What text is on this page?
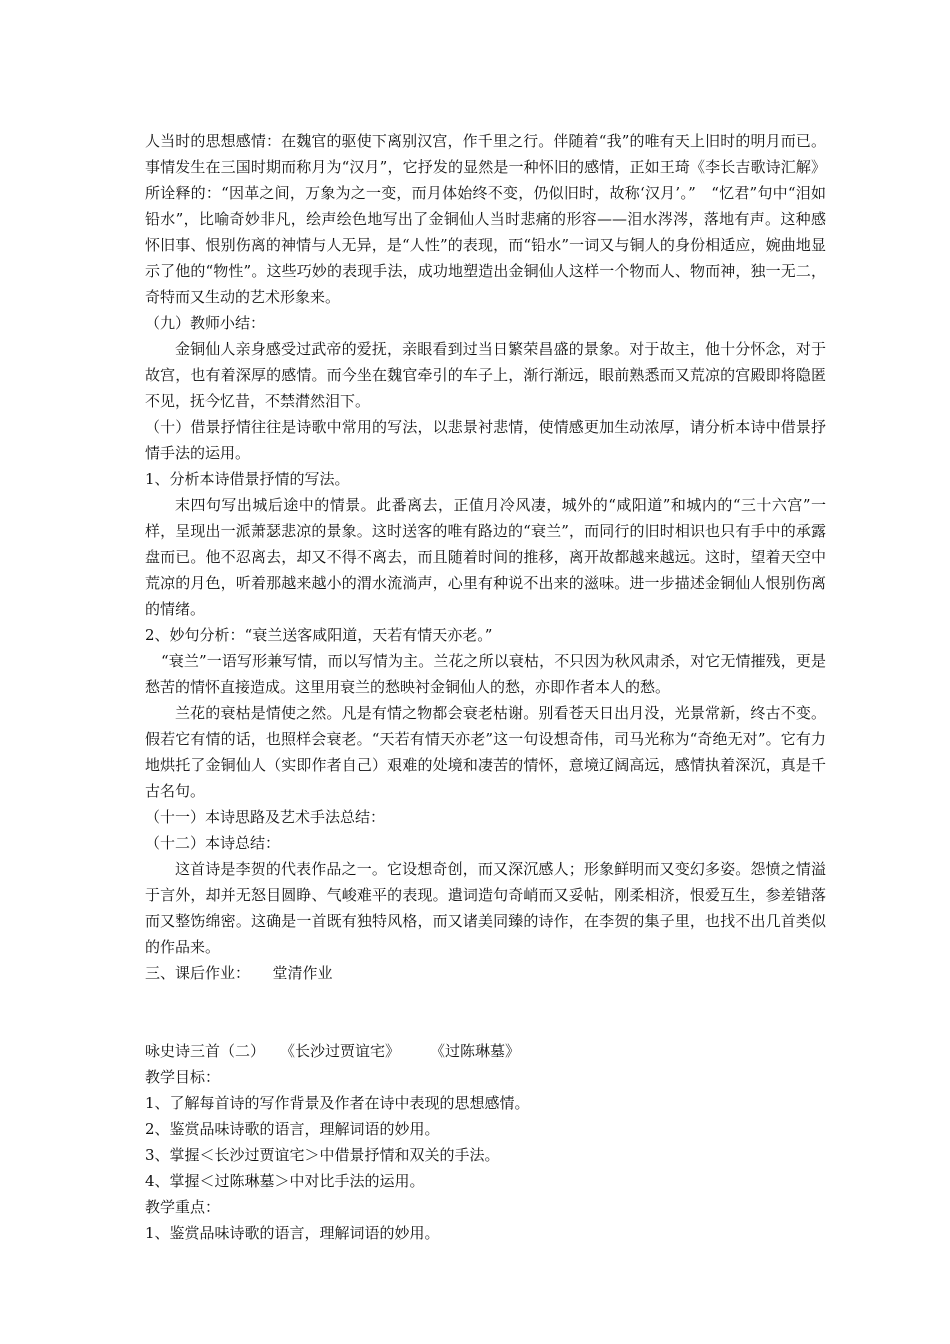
人当时的思想感情：在魏官的驱使下离别汉宫，作千里之行。伴随着“我”的唯有天上旧时的明月而已。事情发生在三国时期而称月为“汉月”，它抒发的显然是一种怀旧的感情，正如王琦《李长吉歌诗汇解》所诠释的：“因革之间，万象为之一变，而月体始终不变，仍似旧时，故称‘汉月’。”　“忆君”句中“泪如铅水”，比喻奇妙非凡，绘声绘色地写出了金铜仙人当时悲痛的形容——泪水涔涔，落地有声。这种感怀旧事、恨别伤离的神情与人无异，是“人性”的表现，而“铅水”一词又与铜人的身份相适应，婉曲地显示了他的“物性”。这些巧妙的表现手法，成功地塑造出金铜仙人这样一个物而人、物而神，独一无二，奇特而又生动的艺术形象来。

（九）教师小结：

金铜仙人亲身感受过武帝的爱抚，亲眼看到过当日繁荣昌盛的景象。对于故主，他十分怀念，对于故宫，也有着深厚的感情。而今坐在魏官牵引的车子上，渐行渐远，眼前熟悉而又荒凉的宫殿即将隐匿不见，抚今忆昔，不禁潸然泪下。

（十）借景抒情往往是诗歌中常用的写法，以悲景衬悲情，使情感更加生动浓厚，请分析本诗中借景抒情手法的运用。

1、分析本诗借景抒情的写法。

末四句写出城后途中的情景。此番离去，正值月冷风凄，城外的“咸阳道”和城内的“三十六宫”一样，呈现出一派萧瑟悲凉的景象。这时送客的唯有路边的“衰兰”，而同行的旧时相识也只有手中的承露盘而已。他不忍离去，却又不得不离去，而且随着时间的推移，离开故都越来越远。这时，望着天空中荒凉的月色，听着那越来越小的渭水流淌声，心里有种说不出来的滋味。进一步描述金铜仙人恨别伤离的情绪。

2、妙句分析：“衰兰送客咸阳道，天若有情天亦老。”

“衰兰”一语写形兼写情，而以写情为主。兰花之所以衰枯，不只因为秋风肃杀，对它无情摧残，更是愁苦的情怀直接造成。这里用衰兰的愁映衬金铜仙人的愁，亦即作者本人的愁。

兰花的衰枯是情使之然。凡是有情之物都会衰老枯谢。别看苍天日出月没，光景常新，终古不变。假若它有情的话，也照样会衰老。“天若有情天亦老”这一句设想奇伟，司马光称为“奇绝无对”。它有力地烘托了金铜仙人（实即作者自己）艰难的处境和凄苦的情怀，意境辽阔高远，感情执着深沉，真是千古名句。

（十一）本诗思路及艺术手法总结：

（十二）本诗总结：

这首诗是李贺的代表作品之一。它设想奇创，而又深沉感人；形象鲜明而又变幻多姿。怨愤之情溢于言外，却并无怒目圆睁、气峻难平的表现。遣词造句奇峭而又妥帖，刚柔相济，恨爱互生，参差错落而又整饬绵密。这确是一首既有独特风格，而又诸美同臻的诗作，在李贺的集子里，也找不出几首类似的作品来。

三、课后作业：　　堂清作业

咏史诗三首（二）　　《长沙过贾谊宅》　　　《过陈琳墓》

教学目标：

1、了解每首诗的写作背景及作者在诗中表现的思想感情。

2、鉴赏品味诗歌的语言，理解词语的妙用。

3、掌握＜长沙过贾谊宅＞中借景抒情和双关的手法。

4、掌握＜过陈琳墓＞中对比手法的运用。

教学重点：

1、鉴赏品味诗歌的语言，理解词语的妙用。
